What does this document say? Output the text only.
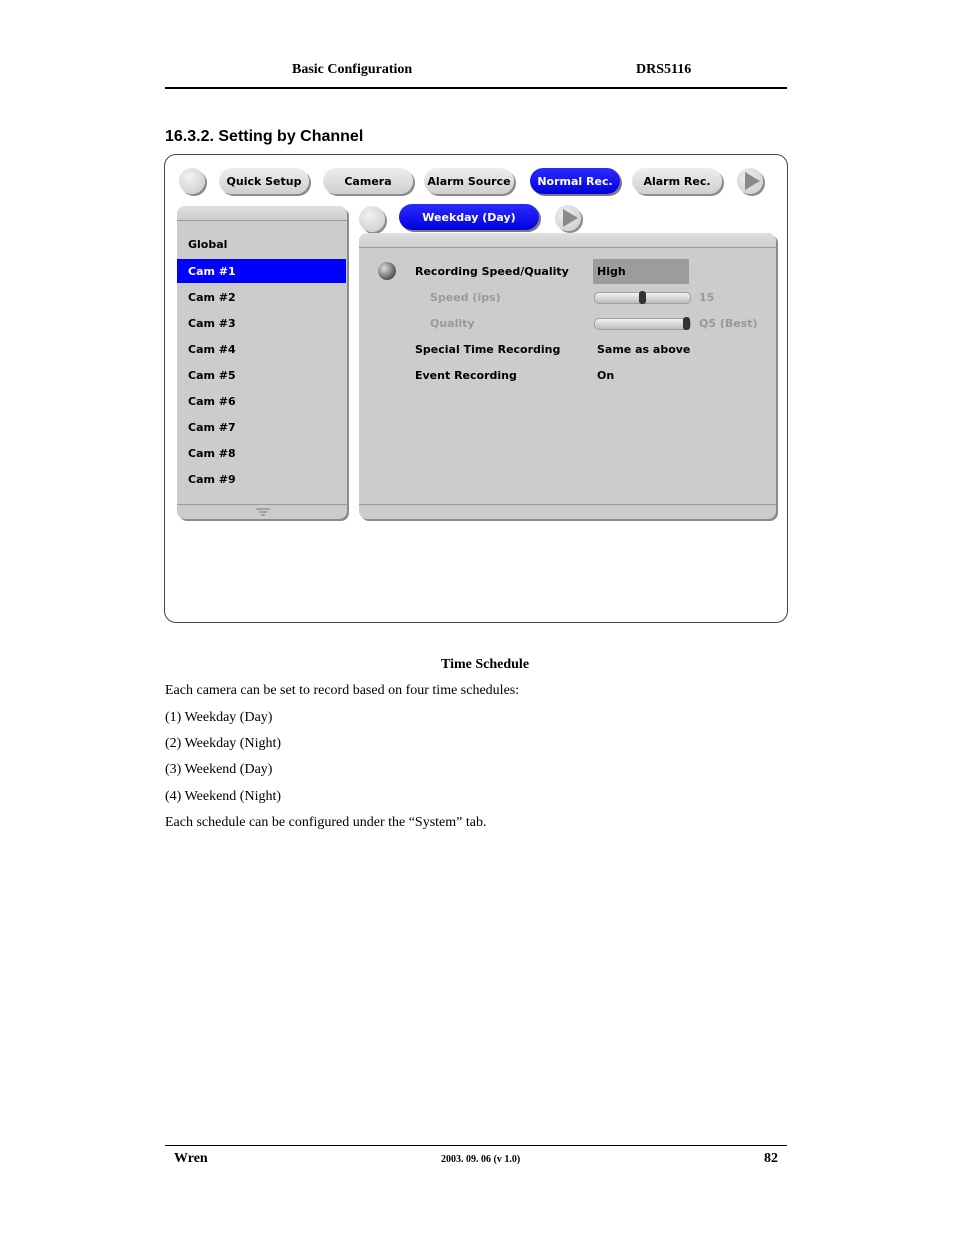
Basic Configuration	DRS5116
16.3.2. Setting by Channel
Quick Setup	Camera	Alarm Source Normal Rec.	Alarm Rec.
Weekday (Day)
Global
Cam #1
Cam #2
Cam #3
Cam #4
Cam #5
Cam #6
Cam #7
Cam #8
Cam #9
Recording Speed/Quality	High
Speed (ips)	15
Quality	Q5 (Best)
Special Time Recording	Same as above
Event Recording	On
Time Schedule
Each camera can be set to record based on four time schedules:
(1) Weekday (Day)
(2) Weekday (Night)
(3) Weekend (Day)
(4) Weekend (Night)
Each schedule can be configured under the “System” tab.
Wren	2003. 09. 06 (v 1.0)	82
